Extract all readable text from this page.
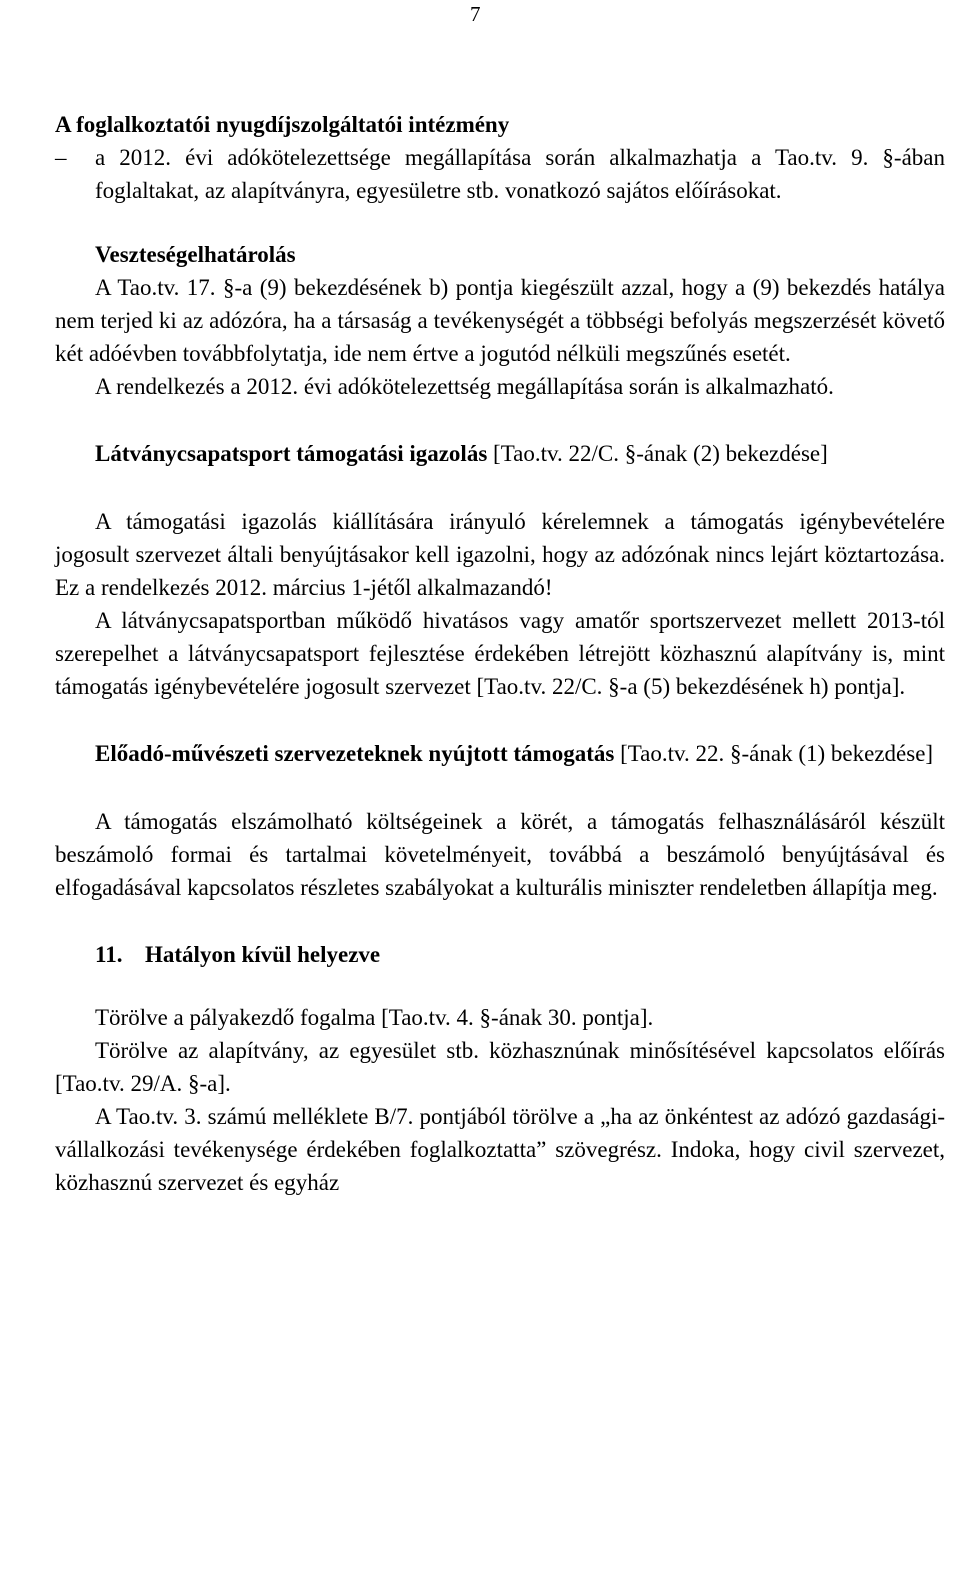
7

A foglalkoztatói nyugdíjszolgáltatói intézmény

– a 2012. évi adókötelezettsége megállapítása során alkalmazhatja a Tao.tv. 9. §-ában foglaltakat, az alapítványra, egyesületre stb. vonatkozó sajátos előírásokat.

Veszteségelhatárolás

A Tao.tv. 17. §-a (9) bekezdésének b) pontja kiegészült azzal, hogy a (9) bekezdés hatálya nem terjed ki az adózóra, ha a társaság a tevékenységét a többségi befolyás megszerzését követő két adóévben továbbfolytatja, ide nem értve a jogutód nélküli megszűnés esetét.

A rendelkezés a 2012. évi adókötelezettség megállapítása során is alkalmazható.

Látványcsapatsport támogatási igazolás [Tao.tv. 22/C. §-ának (2) bekezdése]

A támogatási igazolás kiállítására irányuló kérelemnek a támogatás igénybevételére jogosult szervezet általi benyújtásakor kell igazolni, hogy az adózónak nincs lejárt köztartozása. Ez a rendelkezés 2012. március 1-jétől alkalmazandó!

A látványcsapatsportban működő hivatásos vagy amatőr sportszervezet mellett 2013-tól szerepelhet a látványcsapatsport fejlesztése érdekében létrejött közhasznú alapítvány is, mint támogatás igénybevételére jogosult szervezet [Tao.tv. 22/C. §-a (5) bekezdésének h) pontja].

Előadó-művészeti szervezeteknek nyújtott támogatás [Tao.tv. 22. §-ának (1) bekezdése]

A támogatás elszámolható költségeinek a körét, a támogatás felhasználásáról készült beszámoló formai és tartalmai követelményeit, továbbá a beszámoló benyújtásával és elfogadásával kapcsolatos részletes szabályokat a kulturális miniszter rendeletben állapítja meg.

11. Hatályon kívül helyezve

Törölve a pályakezdő fogalma [Tao.tv. 4. §-ának 30. pontja].

Törölve az alapítvány, az egyesület stb. közhasznúnak minősítésével kapcsolatos előírás [Tao.tv. 29/A. §-a].

A Tao.tv. 3. számú melléklete B/7. pontjából törölve a „ha az önkéntest az adózó gazdasági-vállalkozási tevékenysége érdekében foglalkoztatta” szövegrész. Indoka, hogy civil szervezet, közhasznú szervezet és egyház
